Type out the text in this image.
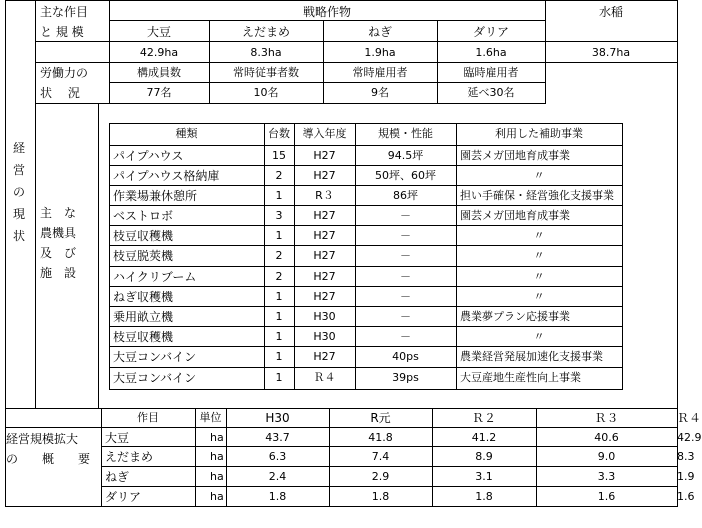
経
営
の
現
状
主な作目
と 規 模
戦略作物	水稲
大豆	えだまめ	ねぎ	ダリア
42.9ha	8.3ha	1.9ha	1.6ha	38.7ha
労働力の
状　 況
構成員数	常時従事者数	常時雇用者	臨時雇用者
77名	10名	9名	延べ30名
主　な
農機具
及　び
施　設
種類	台数	導入年度	規模・性能	利用した補助事業
パイプハウス	15	H27	94.5坪	園芸メガ団地育成事業
パイプハウス格納庫	2	H27	50坪、60坪	〃
作業場兼休憩所	1	R３	86坪	担い手確保・経営強化支援事業
ベストロボ	3	H27	－	園芸メガ団地育成事業
枝豆収穫機	1	H27	－	〃
枝豆脱莢機	2	H27	－	〃
ハイクリブーム	2	H27	－	〃
ねぎ収穫機	1	H27	－	〃
乗用畝立機	1	H30	－	農業夢プラン応援事業
枝豆収穫機	1	H30	－	〃
大豆コンバイン	1	H27	40ps	農業経営発展加速化支援事業
大豆コンバイン	1	Ｒ４	39ps	大豆産地生産性向上事業
経営規模拡大
の　　概　　要
作目	単位	H30	R元	Ｒ２	Ｒ３	Ｒ４
大豆	ha	43.7	41.8	41.2	40.6	42.9
えだまめ	ha	6.3	7.4	8.9	9.0	8.3
ねぎ	ha	2.4	2.9	3.1	3.3	1.9
ダリア	ha	1.8	1.8	1.8	1.6	1.6
